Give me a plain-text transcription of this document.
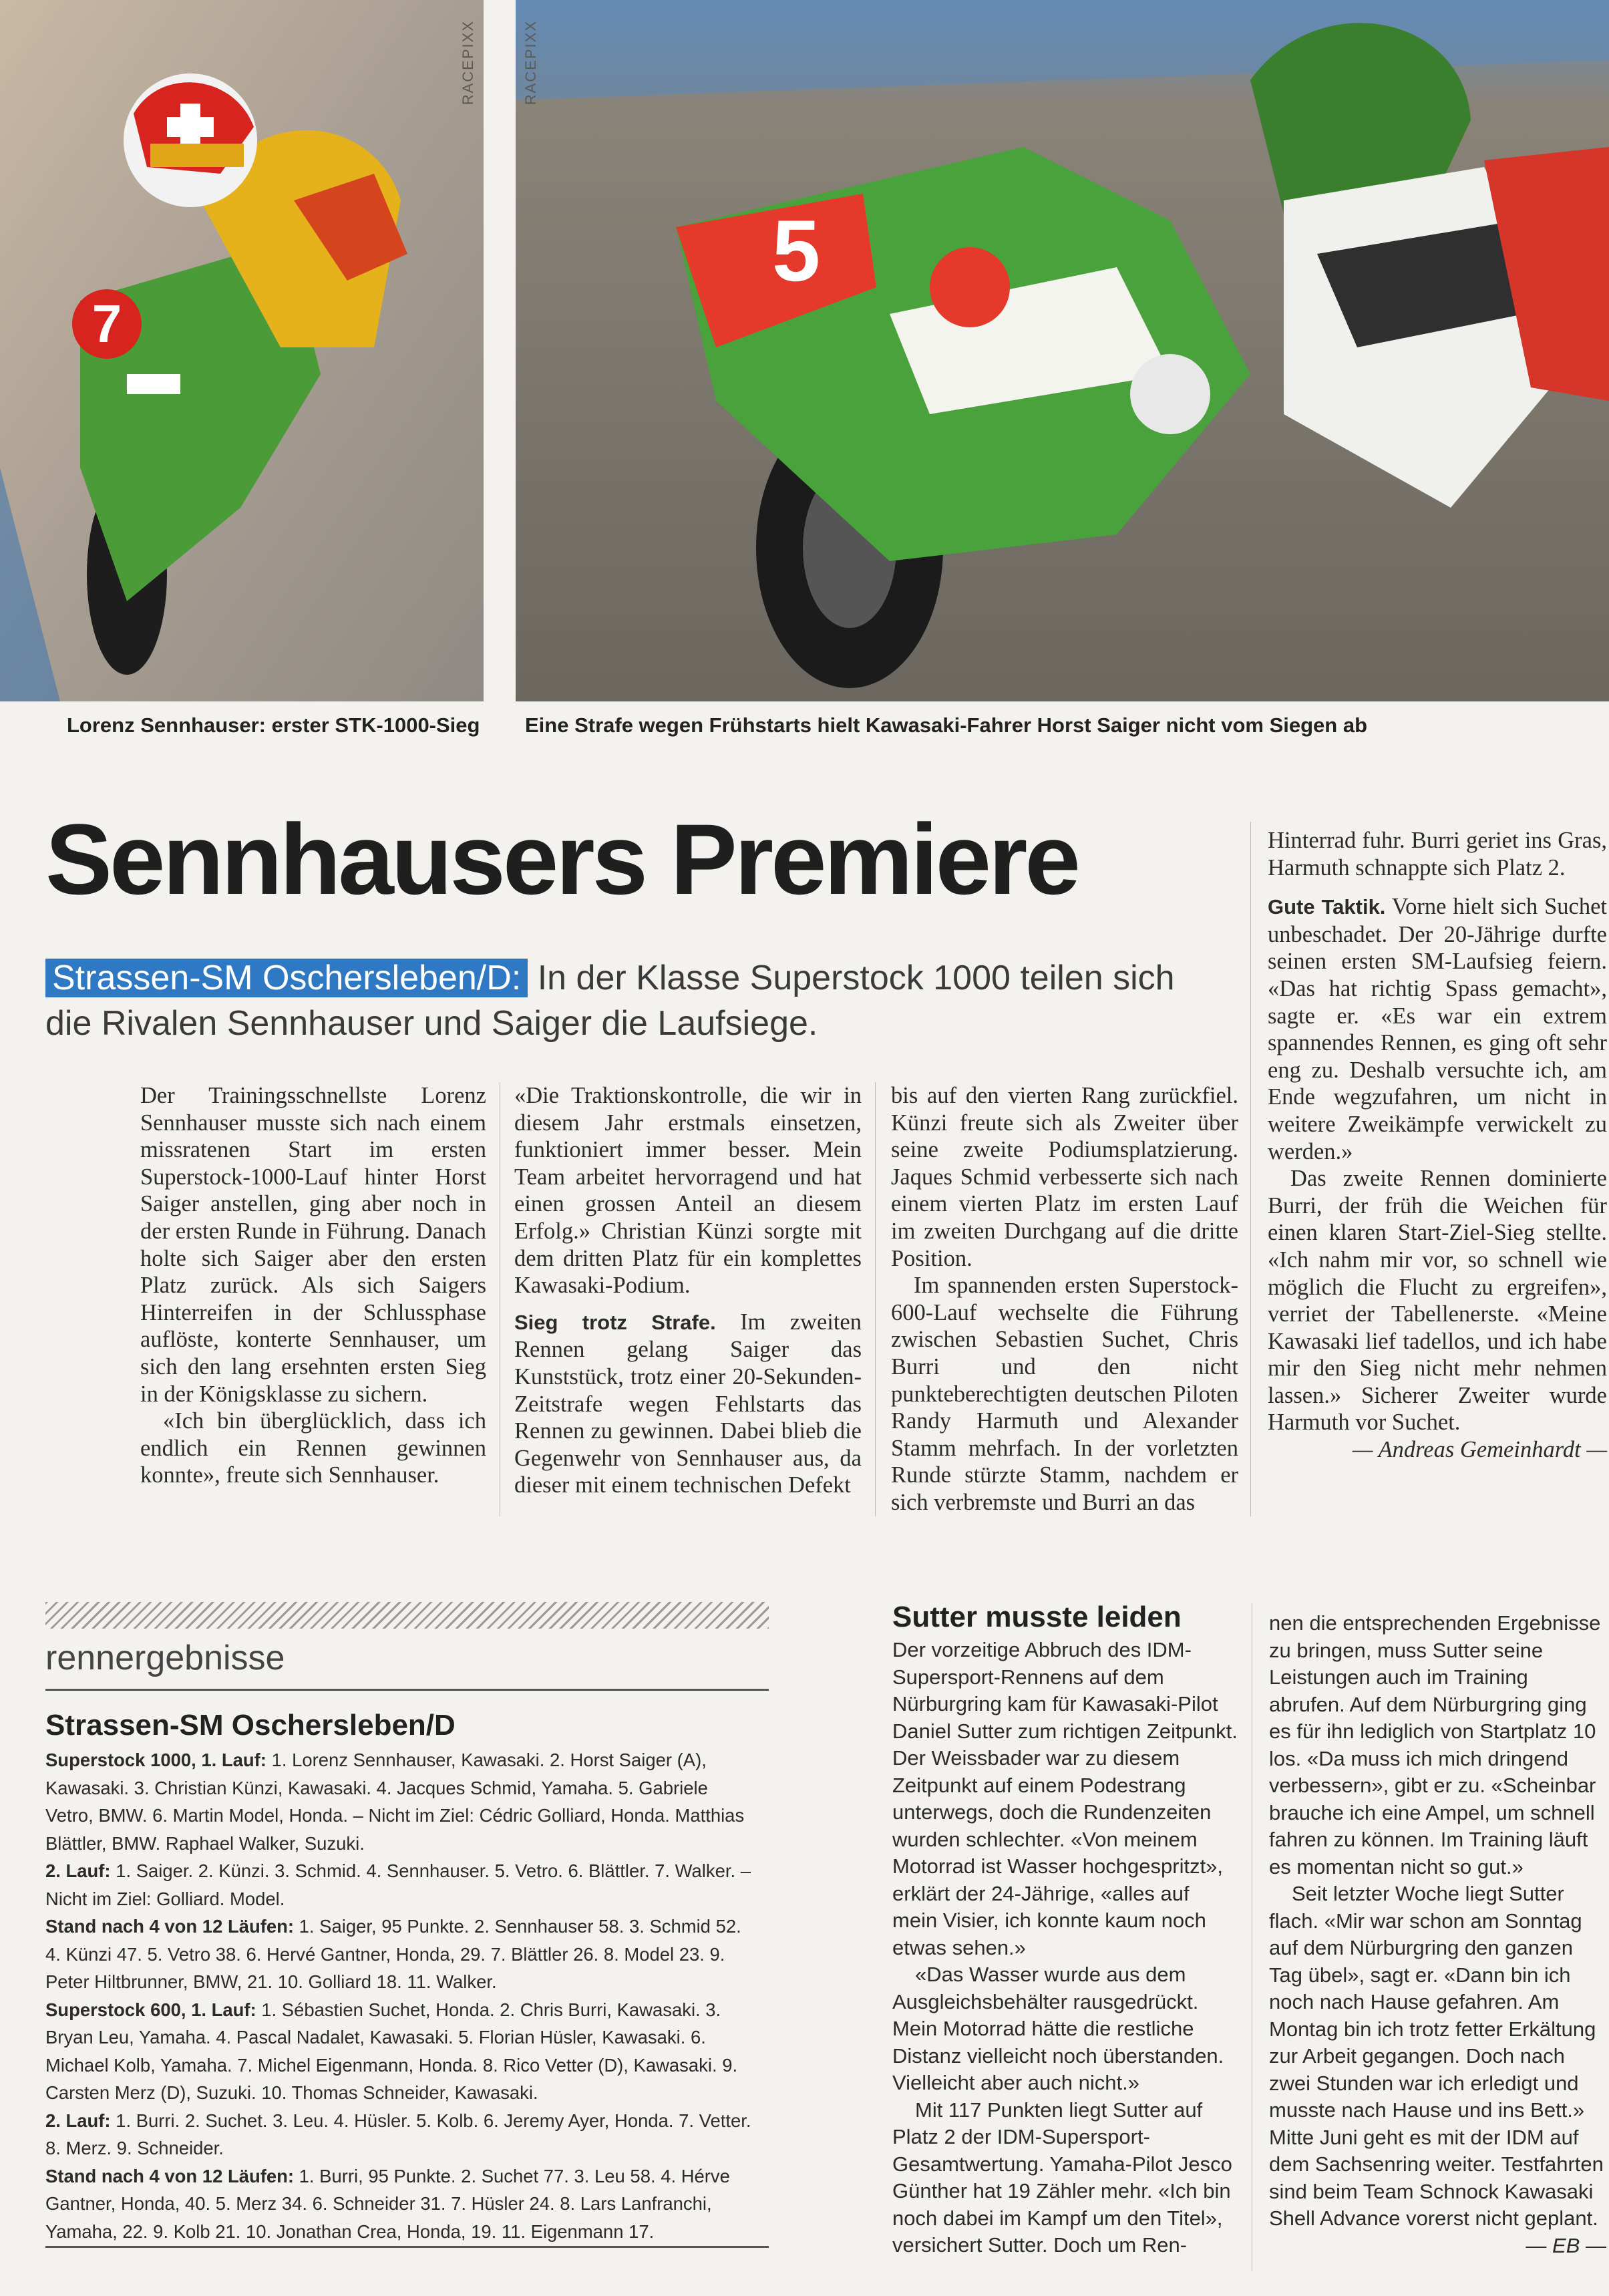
7
RACEPIXX
5
RACEPIXX
Lorenz Sennhauser: erster STK-1000-Sieg Eine Strafe wegen Frühstarts hielt Kawasaki-Fahrer Horst Saiger nicht vom Siegen ab
Sennhausers Premiere
Strassen-SM Oschersleben/D: In der Klasse Superstock 1000 teilen sich die Rivalen Sennhauser und Saiger die Laufsiege.

Der Trainingsschnellste Lorenz Sennhauser musste sich nach einem missratenen Start im ersten Superstock-1000-Lauf hinter Horst Saiger anstellen, ging aber noch in der ersten Runde in Führung. Danach holte sich Saiger aber den ersten Platz zurück. Als sich Saigers Hinterreifen in der Schlussphase auflöste, konterte Sennhauser, um sich den lang ersehnten ersten Sieg in der Königsklasse zu sichern.

«Ich bin überglücklich, dass ich endlich ein Rennen gewinnen konnte», freute sich Sennhauser.

«Die Traktionskontrolle, die wir in diesem Jahr erstmals einsetzen, funktioniert immer besser. Mein Team arbeitet hervorragend und hat einen grossen Anteil an diesem Erfolg.» Christian Künzi sorgte mit dem dritten Platz für ein komplettes Kawasaki-Podium.

Sieg trotz Strafe. Im zweiten Rennen gelang Saiger das Kunststück, trotz einer 20-Sekunden-Zeitstrafe wegen Fehlstarts das Rennen zu gewinnen. Dabei blieb die Gegenwehr von Sennhauser aus, da dieser mit einem technischen Defekt

bis auf den vierten Rang zurückfiel. Künzi freute sich als Zweiter über seine zweite Podiumsplatzierung. Jaques Schmid verbesserte sich nach einem vierten Platz im ersten Lauf im zweiten Durchgang auf die dritte Position.

Im spannenden ersten Superstock-600-Lauf wechselte die Führung zwischen Sebastien Suchet, Chris Burri und den nicht punkteberechtigten deutschen Piloten Randy Harmuth und Alexander Stamm mehrfach. In der vorletzten Runde stürzte Stamm, nachdem er sich verbremste und Burri an das

Hinterrad fuhr. Burri geriet ins Gras, Harmuth schnappte sich Platz 2.

Gute Taktik. Vorne hielt sich Suchet unbeschadet. Der 20-Jährige durfte seinen ersten SM-Laufsieg feiern. «Das hat richtig Spass gemacht», sagte er. «Es war ein extrem spannendes Rennen, es ging oft sehr eng zu. Deshalb versuchte ich, am Ende wegzufahren, um nicht in weitere Zweikämpfe verwickelt zu werden.»

Das zweite Rennen dominierte Burri, der früh die Weichen für einen klaren Start-Ziel-Sieg stellte. «Ich nahm mir vor, so schnell wie möglich die Flucht zu ergreifen», verriet der Tabellenerste. «Meine Kawasaki lief tadellos, und ich habe mir den Sieg nicht mehr nehmen lassen.» Sicherer Zweiter wurde Harmuth vor Suchet.

— Andreas Gemeinhardt —

rennergebnisse
Strassen-SM Oschersleben/D

Superstock 1000, 1. Lauf: 1. Lorenz Sennhauser, Kawasaki. 2. Horst Saiger (A), Kawasaki. 3. Christian Künzi, Kawasaki. 4. Jacques Schmid, Yamaha. 5. Gabriele Vetro, BMW. 6. Martin Model, Honda. – Nicht im Ziel: Cédric Golliard, Honda. Matthias Blättler, BMW. Raphael Walker, Suzuki.

2. Lauf: 1. Saiger. 2. Künzi. 3. Schmid. 4. Sennhauser. 5. Vetro. 6. Blättler. 7. Walker. – Nicht im Ziel: Golliard. Model.

Stand nach 4 von 12 Läufen: 1. Saiger, 95 Punkte. 2. Sennhauser 58. 3. Schmid 52. 4. Künzi 47. 5. Vetro 38. 6. Hervé Gantner, Honda, 29. 7. Blättler 26. 8. Model 23. 9. Peter Hiltbrunner, BMW, 21. 10. Golliard 18. 11. Walker.

Superstock 600, 1. Lauf: 1. Sébastien Suchet, Honda. 2. Chris Burri, Kawasaki. 3. Bryan Leu, Yamaha. 4. Pascal Nadalet, Kawasaki. 5. Florian Hüsler, Kawasaki. 6. Michael Kolb, Yamaha. 7. Michel Eigenmann, Honda. 8. Rico Vetter (D), Kawasaki. 9. Carsten Merz (D), Suzuki. 10. Thomas Schneider, Kawasaki.

2. Lauf: 1. Burri. 2. Suchet. 3. Leu. 4. Hüsler. 5. Kolb. 6. Jeremy Ayer, Honda. 7. Vetter. 8. Merz. 9. Schneider.

Stand nach 4 von 12 Läufen: 1. Burri, 95 Punkte. 2. Suchet 77. 3. Leu 58. 4. Hérve Gantner, Honda, 40. 5. Merz 34. 6. Schneider 31. 7. Hüsler 24. 8. Lars Lanfranchi, Yamaha, 22. 9. Kolb 21. 10. Jonathan Crea, Honda, 19. 11. Eigenmann 17.

Sutter musste leiden

Der vorzeitige Abbruch des IDM-Supersport-Rennens auf dem Nürburgring kam für Kawasaki-Pilot Daniel Sutter zum richtigen Zeitpunkt. Der Weissbader war zu diesem Zeitpunkt auf einem Podestrang unterwegs, doch die Rundenzeiten wurden schlechter. «Von meinem Motorrad ist Wasser hochgespritzt», erklärt der 24-Jährige, «alles auf mein Visier, ich konnte kaum noch etwas sehen.»

«Das Wasser wurde aus dem Ausgleichsbehälter rausgedrückt. Mein Motorrad hätte die restliche Distanz vielleicht noch überstanden. Vielleicht aber auch nicht.»

Mit 117 Punkten liegt Sutter auf Platz 2 der IDM-Supersport-Gesamtwertung. Yamaha-Pilot Jesco Günther hat 19 Zähler mehr. «Ich bin noch dabei im Kampf um den Titel», versichert Sutter. Doch um Ren-

nen die entsprechenden Ergebnisse zu bringen, muss Sutter seine Leistungen auch im Training abrufen. Auf dem Nürburgring ging es für ihn lediglich von Startplatz 10 los. «Da muss ich mich dringend verbessern», gibt er zu. «Scheinbar brauche ich eine Ampel, um schnell fahren zu können. Im Training läuft es momentan nicht so gut.»

Seit letzter Woche liegt Sutter flach. «Mir war schon am Sonntag auf dem Nürburgring den ganzen Tag übel», sagt er. «Dann bin ich noch nach Hause gefahren. Am Montag bin ich trotz fetter Erkältung zur Arbeit gegangen. Doch nach zwei Stunden war ich erledigt und musste nach Hause und ins Bett.» Mitte Juni geht es mit der IDM auf dem Sachsenring weiter. Testfahrten sind beim Team Schnock Kawasaki Shell Advance vorerst nicht geplant.

— EB —
